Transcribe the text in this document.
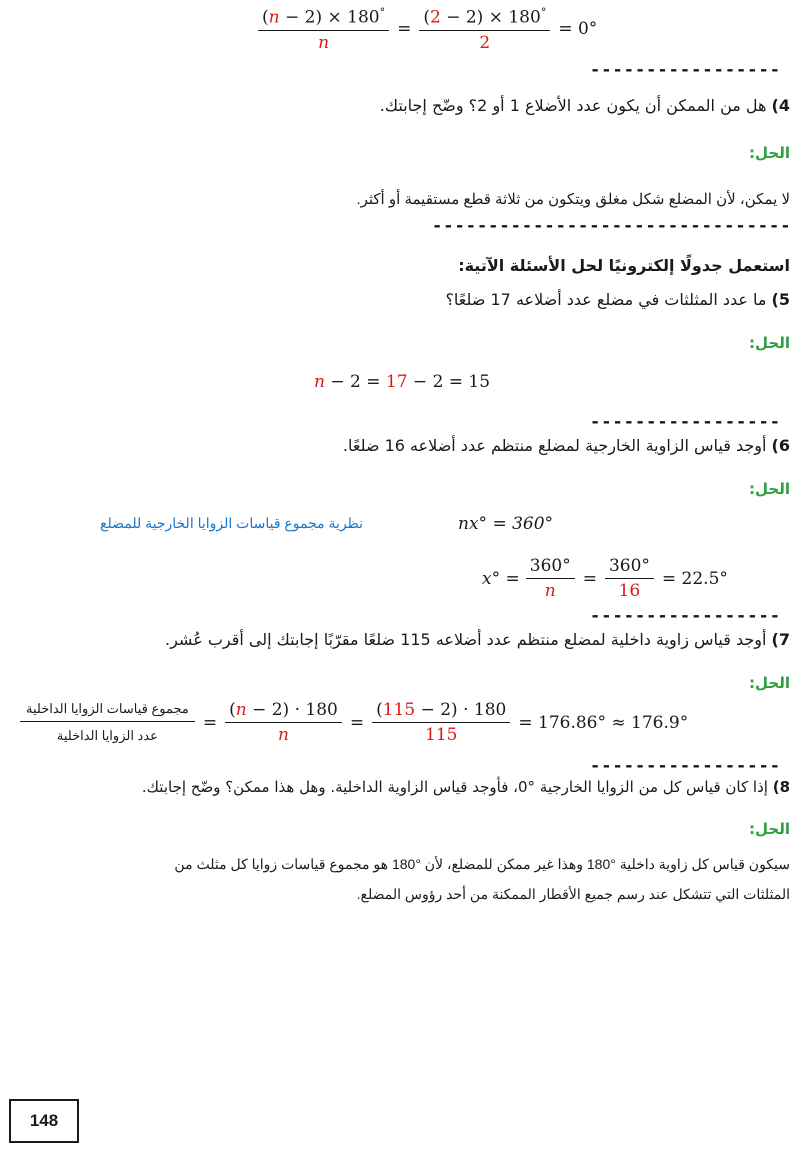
$\frac{(n - 2) \times 180^\circ}{n} = \frac{(2 - 2) \times 180^\circ}{2} = 0^\circ$
-----------------
4) هل من الممكن أن يكون عدد الأضلاع 1 أو 2؟ وضّح إجابتك.
الحل:
لا يمكن، لأن المضلع شكل مغلق ويتكون من ثلاثة قطع مستقيمة أو أكثر.
--------------------------------
استعمل جدولًا إلكترونيًا لحل الأسئلة الآتية:
5) ما عدد المثلثات في مضلع عدد أضلاعه 17 ضلعًا؟
الحل:
n − 2 = 17 − 2 = 15
-----------------
6) أوجد قياس الزاوية الخارجية لمضلع منتظم عدد أضلاعه 16 ضلعًا.
الحل:
نظرية مجموع قياسات الزوايا الخارجية للمضلع	nx° = 360°
$x^\circ = \frac{360^\circ}{n} = \frac{360^\circ}{16} = 22.5^\circ$
-----------------
7) أوجد قياس زاوية داخلية لمضلع منتظم عدد أضلاعه 115 ضلعًا مقرّبًا إجابتك إلى أقرب عُشر.
الحل:
$\frac{\text{مجموع قياسات الزوايا الداخلية}}{\text{عدد الزوايا الداخلية}} = \frac{(n - 2) \cdot 180}{n} = \frac{(115 - 2) \cdot 180}{115} = 176.86^\circ \approx 176.9^\circ$
-----------------
8) إذا كان قياس كل من الزوايا الخارجية °0، فأوجد قياس الزاوية الداخلية. وهل هذا ممكن؟ وضّح إجابتك.
الحل:
سيكون قياس كل زاوية داخلية °180 وهذا غير ممكن للمضلع، لأن °180 هو مجموع قياسات زوايا كل مثلث من
المثلثات التي تتشكل عند رسم جميع الأقطار الممكنة من أحد رؤوس المضلع.
148
